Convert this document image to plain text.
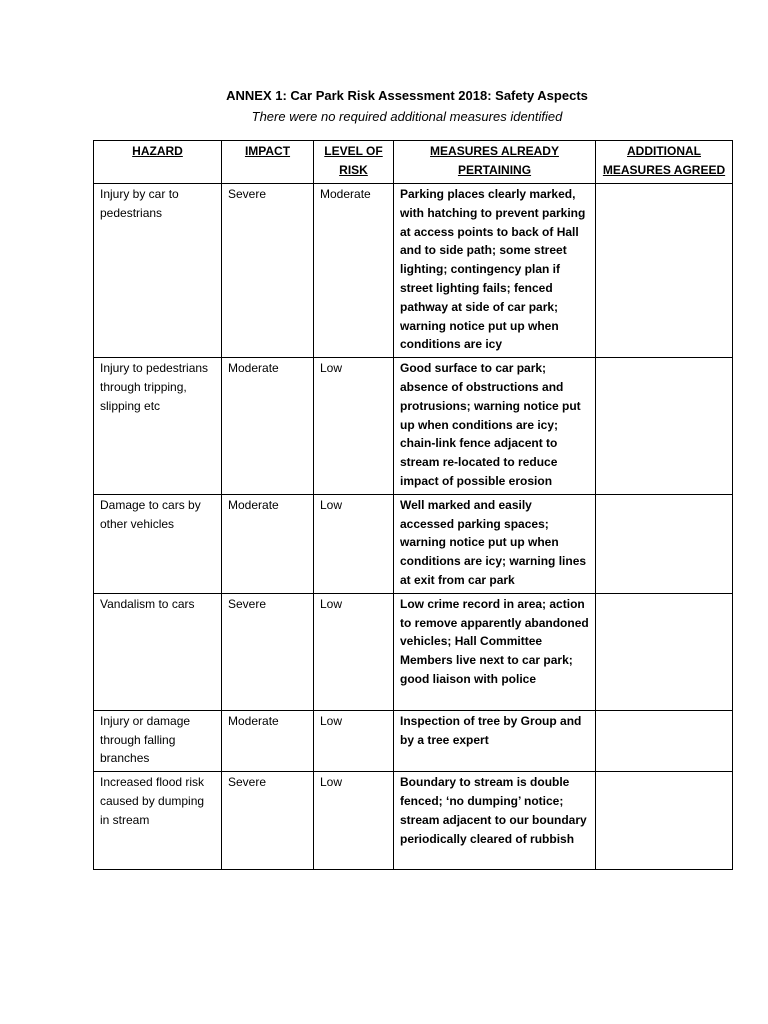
ANNEX 1: Car Park Risk Assessment 2018: Safety Aspects
There were no required additional measures identified
HAZARD	IMPACT	LEVEL OF RISK	MEASURES ALREADY PERTAINING	ADDITIONAL MEASURES AGREED
Injury by car to pedestrians	Severe	Moderate	Parking places clearly marked, with hatching to prevent parking at access points to back of Hall and to side path; some street lighting; contingency plan if street lighting fails; fenced pathway at side of car park; warning notice put up when conditions are icy	
Injury to pedestrians through tripping, slipping etc	Moderate	Low	Good surface to car park; absence of obstructions and protrusions; warning notice put up when conditions are icy; chain-link fence adjacent to stream re-located to reduce impact of possible erosion	
Damage to cars by other vehicles	Moderate	Low	Well marked and easily accessed parking spaces; warning notice put up when conditions are icy; warning lines at exit from car park	
Vandalism to cars	Severe	Low	Low crime record in area; action to remove apparently abandoned vehicles; Hall Committee Members live next to car park; good liaison with police	
Injury or damage through falling branches	Moderate	Low	Inspection of tree by Group and by a tree expert	
Increased flood risk caused by dumping in stream	Severe	Low	Boundary to stream is double fenced; ‘no dumping’ notice; stream adjacent to our boundary periodically cleared of rubbish	
